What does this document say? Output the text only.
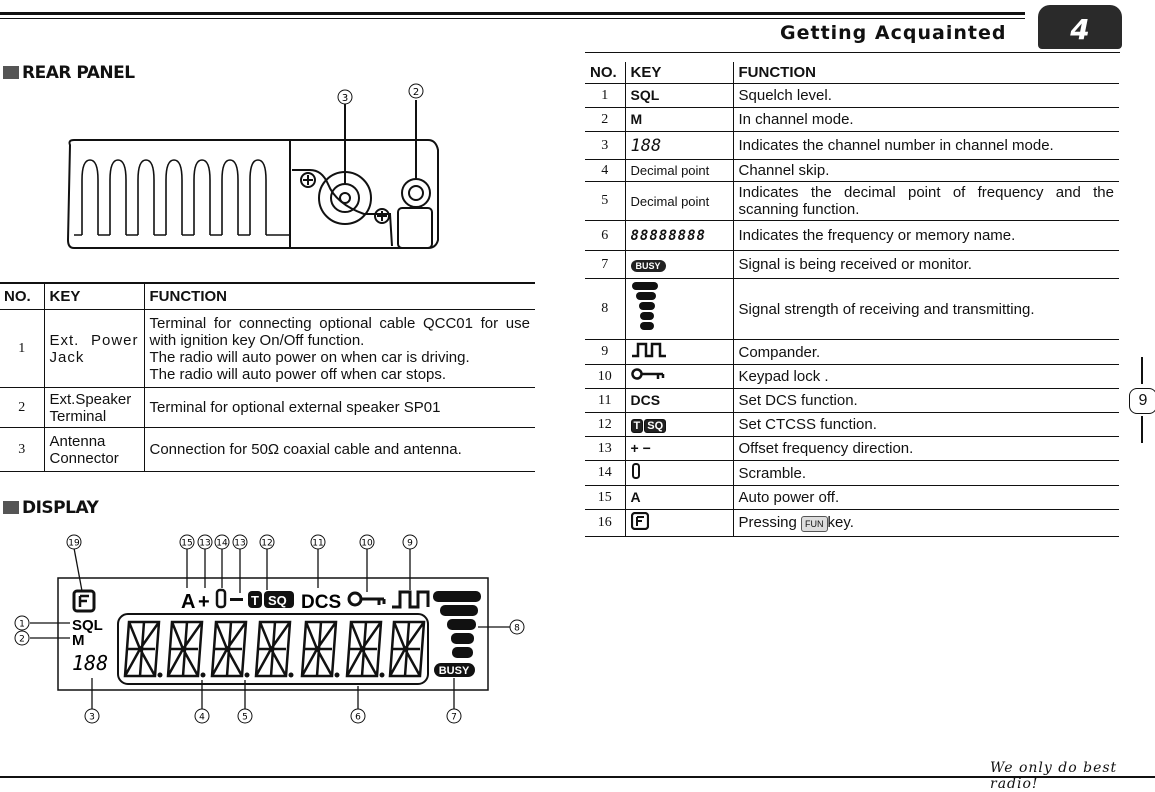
Getting Acquainted	4
REAR PANEL
3
2
NO.	KEY	FUNCTION
1	Ext. Power Jack	Terminal for connecting optional cable QCC01 for use with ignition key On/Off function.
The radio will auto power on when car is driving.
The radio will auto power off when car stops.
2	Ext.Speaker Terminal	Terminal for optional external speaker SP01
3	Antenna Connector	Connection for 50Ω coaxial cable and antenna.
DISPLAY
SQL
M
188
A +	T SQ DCS
BUSY
19	15 13 14 13 12	11	10	9
1
2
8
3	4	5	6	7
NO.	KEY	FUNCTION
1	SQL	Squelch level.
2	M	In channel mode.
3	188	Indicates the channel number in channel mode.
4	Decimal point	Channel skip.
5	Decimal point	Indicates the decimal point of frequency and the scanning function.
6	88888888	Indicates the frequency or memory name.
7	BUSY	Signal is being received or monitor.
8		Signal strength of receiving and transmitting.
9		Compander.
10		Keypad lock .
11	DCS	Set DCS function.
12	T SQ	Set CTCSS function.
13	+ −	Offset frequency direction.
14		Scramble.
15	A	Auto power off.
16		Pressing FUN key.
9
We only do best radio!
